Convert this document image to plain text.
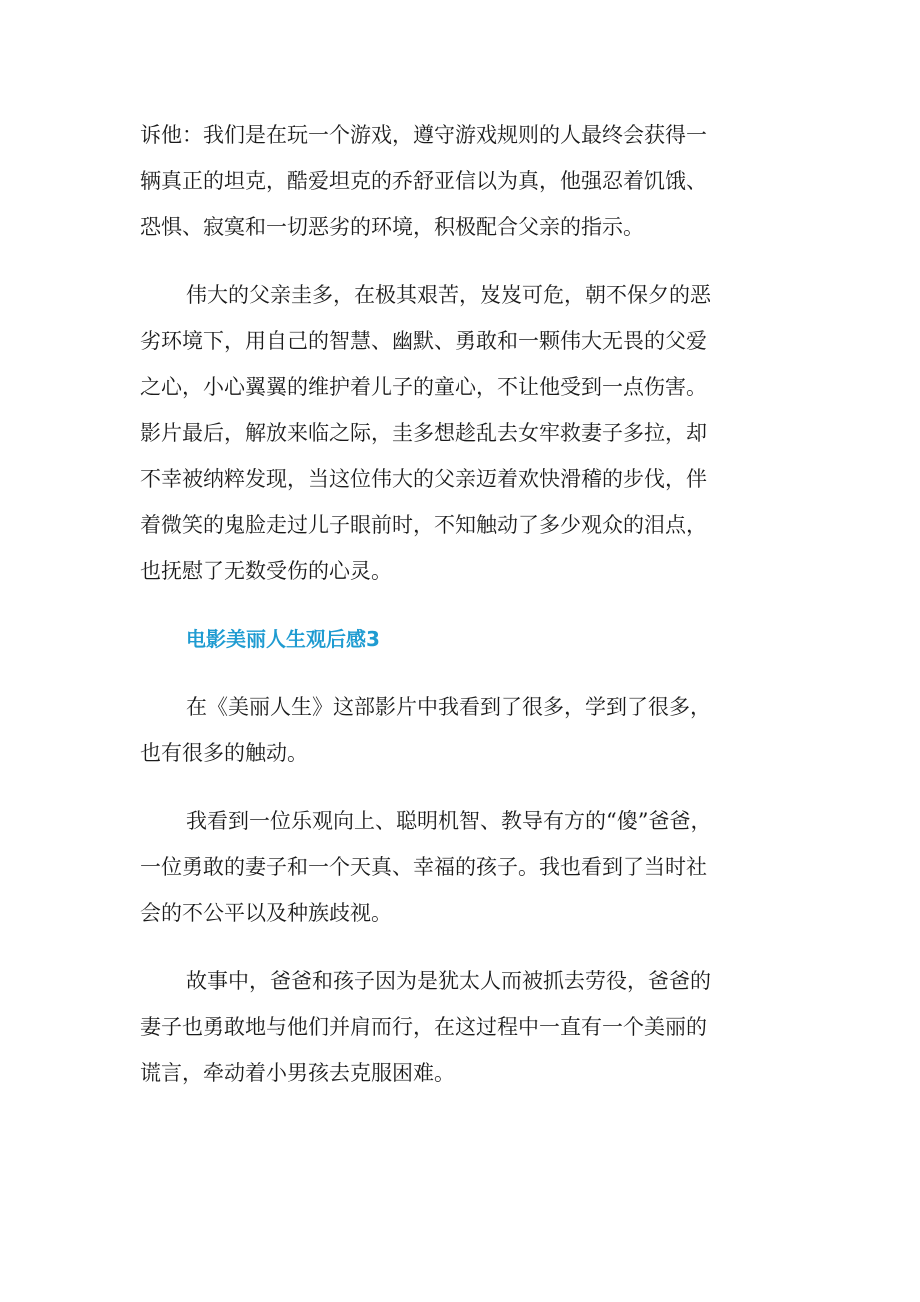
诉他：我们是在玩一个游戏，遵守游戏规则的人最终会获得一
辆真正的坦克，酷爱坦克的乔舒亚信以为真，他强忍着饥饿、
恐惧、寂寞和一切恶劣的环境，积极配合父亲的指示。
伟大的父亲圭多，在极其艰苦，岌岌可危，朝不保夕的恶
劣环境下，用自己的智慧、幽默、勇敢和一颗伟大无畏的父爱
之心，小心翼翼的维护着儿子的童心，不让他受到一点伤害。
影片最后，解放来临之际，圭多想趁乱去女牢救妻子多拉，却
不幸被纳粹发现，当这位伟大的父亲迈着欢快滑稽的步伐，伴
着微笑的鬼脸走过儿子眼前时，不知触动了多少观众的泪点，
也抚慰了无数受伤的心灵。
电影美丽人生观后感3
在《美丽人生》这部影片中我看到了很多，学到了很多，
也有很多的触动。
我看到一位乐观向上、聪明机智、教导有方的“傻”爸爸，
一位勇敢的妻子和一个天真、幸福的孩子。我也看到了当时社
会的不公平以及种族歧视。
故事中，爸爸和孩子因为是犹太人而被抓去劳役，爸爸的
妻子也勇敢地与他们并肩而行，在这过程中一直有一个美丽的
谎言，牵动着小男孩去克服困难。
